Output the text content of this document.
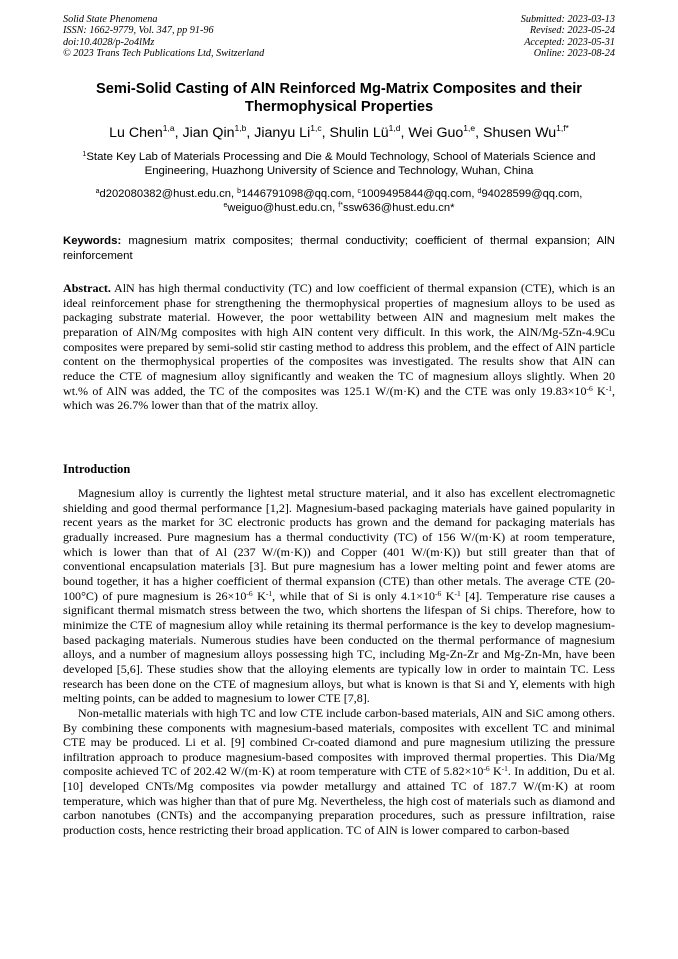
Solid State Phenomena
ISSN: 1662-9779, Vol. 347, pp 91-96
doi:10.4028/p-2o4lMz
© 2023 Trans Tech Publications Ltd, Switzerland
Submitted: 2023-03-13
Revised: 2023-05-24
Accepted: 2023-05-31
Online: 2023-08-24
Semi-Solid Casting of AlN Reinforced Mg-Matrix Composites and their Thermophysical Properties
Lu Chen$^{1,a}$, Jian Qin$^{1,b}$, Jianyu Li$^{1,c}$, Shulin Lü$^{1,d}$, Wei Guo$^{1,e}$, Shusen $Wu^{1,f*}$
$^1$State Key Lab of Materials Processing and Die & Mould Technology, School of Materials Science and Engineering, Huazhong University of Science and Technology, Wuhan, China
$^a$d202080382@hust.edu.cn, $^b$1446791098@qq.com, $^c$1009495844@qq.com, $^d$94028599@qq.com,
$^e$weiguo@hust.edu.cn, $^{f*}$ssw636@hust.edu.cn*
Keywords: magnesium matrix composites; thermal conductivity; coefficient of thermal expansion; AlN reinforcement
Abstract. AlN has high thermal conductivity (TC) and low coefficient of thermal expansion (CTE), which is an ideal reinforcement phase for strengthening the thermophysical properties of magnesium alloys to be used as packaging substrate material. However, the poor wettability between AlN and magnesium melt makes the preparation of AlN/Mg composites with high AlN content very difficult. In this work, the AlN/Mg-5Zn-4.9Cu composites were prepared by semi-solid stir casting method to address this problem, and the effect of AlN particle content on the thermophysical properties of the composites was investigated. The results show that AlN can reduce the CTE of magnesium alloy significantly and weaken the TC of magnesium alloys slightly. When 20 wt.% of AlN was added, the TC of the composites was 125.1 W/(m·K) and the CTE was only $19.83\times 10^{-6}$ $K^{-1}$, which was 26.7% lower than that of the matrix alloy.
Introduction

Magnesium alloy is currently the lightest metal structure material, and it also has excellent electromagnetic shielding and good thermal performance [1,2]. Magnesium-based packaging materials have gained popularity in recent years as the market for 3C electronic products has grown and the demand for packaging materials has gradually increased. Pure magnesium has a thermal conductivity (TC) of 156 W/(m·K) at room temperature, which is lower than that of Al (237 W/(m·K)) and Copper (401 W/(m·K)) but still greater than that of conventional encapsulation materials [3]. But pure magnesium has a lower melting point and fewer atoms are bound together, it has a higher coefficient of thermal expansion (CTE) than other metals. The average CTE (20-100°C) of pure magnesium is $26\times 10^{-6}$ $K^{-1}$, while that of Si is only $4.1\times 10^{-6}$ $K^{-1}$ [4]. Temperature rise causes a significant thermal mismatch stress between the two, which shortens the lifespan of Si chips. Therefore, how to minimize the CTE of magnesium alloy while retaining its thermal performance is the key to develop magnesium-based packaging materials. Numerous studies have been conducted on the thermal performance of magnesium alloys, and a number of magnesium alloys possessing high TC, including Mg-Zn-Zr and Mg-Zn-Mn, have been developed [5,6]. These studies show that the alloying elements are typically low in order to maintain TC. Less research has been done on the CTE of magnesium alloys, but what is known is that Si and Y, elements with high melting points, can be added to magnesium to lower CTE [7,8].

Non-metallic materials with high TC and low CTE include carbon-based materials, AlN and SiC among others. By combining these components with magnesium-based materials, composites with excellent TC and minimal CTE may be produced. Li et al. [9] combined Cr-coated diamond and pure magnesium utilizing the pressure infiltration approach to produce magnesium-based composites with improved thermal properties. This Dia/Mg composite achieved TC of 202.42 W/(m·K) at room temperature with CTE of $5.82\times 10^{-6}$ $K^{-1}$. In addition, Du et al. [10] developed CNTs/Mg composites via powder metallurgy and attained TC of 187.7 W/(m·K) at room temperature, which was higher than that of pure Mg. Nevertheless, the high cost of materials such as diamond and carbon nanotubes (CNTs) and the accompanying preparation procedures, such as pressure infiltration, raise production costs, hence restricting their broad application. TC of AlN is lower compared to carbon-based
